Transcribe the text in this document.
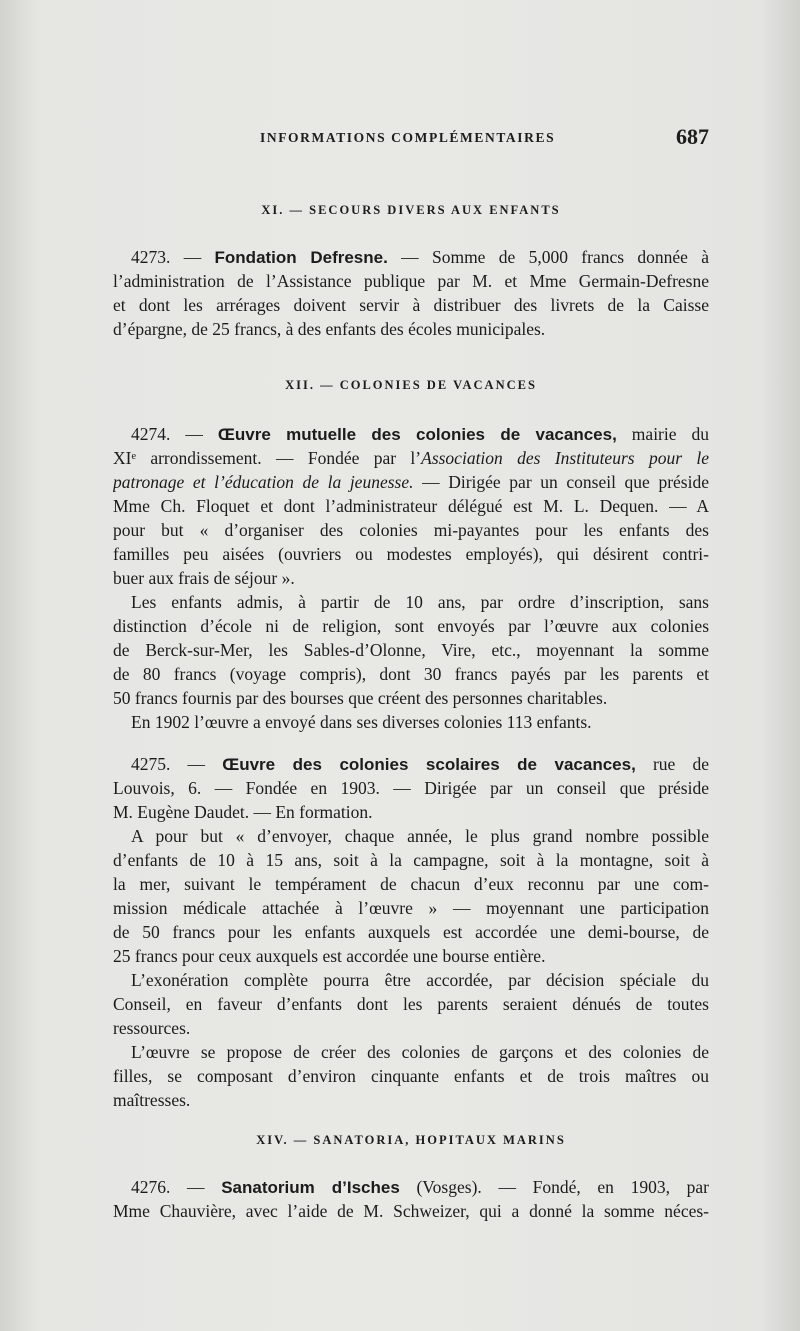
INFORMATIONS COMPLÉMENTAIRES	687
XI. — SECOURS DIVERS AUX ENFANTS
4273. — Fondation Defresne. — Somme de 5,000 francs donnée à
l’administration de l’Assistance publique par M. et Mme Germain-Defresne
et dont les arrérages doivent servir à distribuer des livrets de la Caisse
d’épargne, de 25 francs, à des enfants des écoles municipales.
XII. — COLONIES DE VACANCES
4274. — Œuvre mutuelle des colonies de vacances, mairie du
XIᵉ arrondissement. — Fondée par l’Association des Instituteurs pour le
patronage et l’éducation de la jeunesse. — Dirigée par un conseil que préside
Mme Ch. Floquet et dont l’administrateur délégué est M. L. Dequen. — A
pour but « d’organiser des colonies mi-payantes pour les enfants des
familles peu aisées (ouvriers ou modestes employés), qui désirent contri-
buer aux frais de séjour ».
Les enfants admis, à partir de 10 ans, par ordre d’inscription, sans
distinction d’école ni de religion, sont envoyés par l’œuvre aux colonies
de Berck-sur-Mer, les Sables-d’Olonne, Vire, etc., moyennant la somme
de 80 francs (voyage compris), dont 30 francs payés par les parents et
50 francs fournis par des bourses que créent des personnes charitables.
En 1902 l’œuvre a envoyé dans ses diverses colonies 113 enfants.
4275. — Œuvre des colonies scolaires de vacances, rue de
Louvois, 6. — Fondée en 1903. — Dirigée par un conseil que préside
M. Eugène Daudet. — En formation.
A pour but « d’envoyer, chaque année, le plus grand nombre possible
d’enfants de 10 à 15 ans, soit à la campagne, soit à la montagne, soit à
la mer, suivant le tempérament de chacun d’eux reconnu par une com-
mission médicale attachée à l’œuvre » — moyennant une participation
de 50 francs pour les enfants auxquels est accordée une demi-bourse, de
25 francs pour ceux auxquels est accordée une bourse entière.
L’exonération complète pourra être accordée, par décision spéciale du
Conseil, en faveur d’enfants dont les parents seraient dénués de toutes
ressources.
L’œuvre se propose de créer des colonies de garçons et des colonies de
filles, se composant d’environ cinquante enfants et de trois maîtres ou
maîtresses.
XIV. — SANATORIA, HOPITAUX MARINS
4276. — Sanatorium d’Isches (Vosges). — Fondé, en 1903, par
Mme Chauvière, avec l’aide de M. Schweizer, qui a donné la somme néces-
